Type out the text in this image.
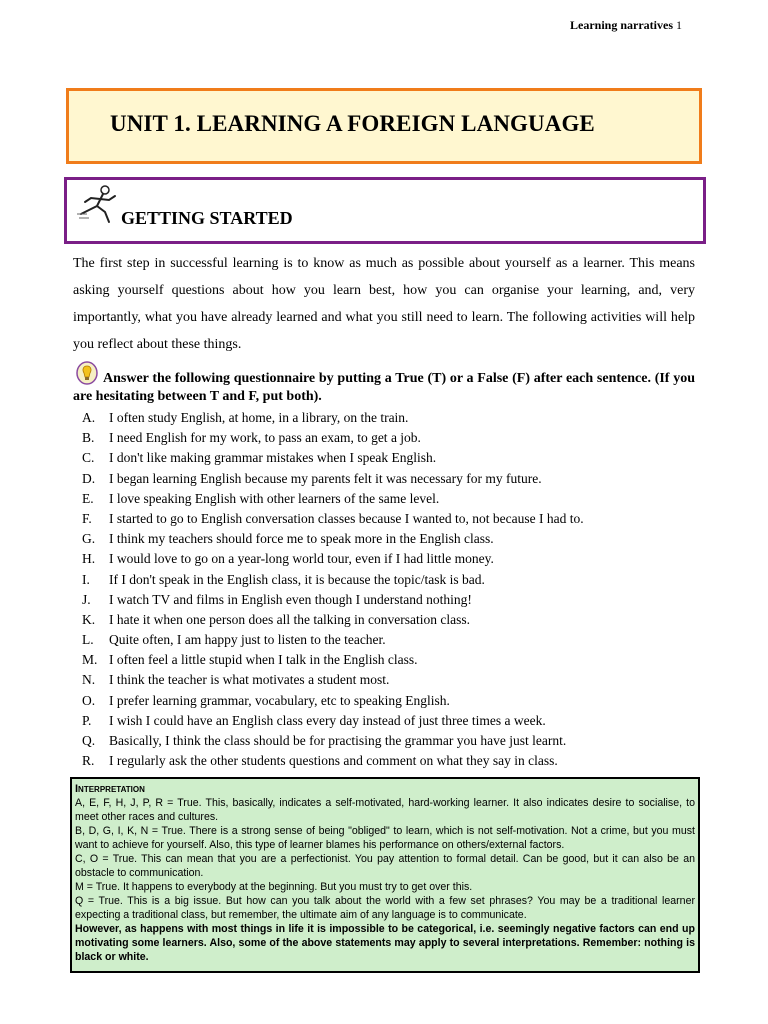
Learning narratives 1
UNIT 1. LEARNING A FOREIGN LANGUAGE
GETTING STARTED

The first step in successful learning is to know as much as possible about yourself as a learner. This means asking yourself questions about how you learn best, how you can organise your learning, and, very importantly, what you have already learned and what you still need to learn. The following activities will help you reflect about these things.

Answer the following questionnaire by putting a True (T) or a False (F) after each sentence. (If you are hesitating between T and F, put both).

A. I often study English, at home, in a library, on the train.
B. I need English for my work, to pass an exam, to get a job.
C. I don't like making grammar mistakes when I speak English.
D. I began learning English because my parents felt it was necessary for my future.
E. I love speaking English with other learners of the same level.
F. I started to go to English conversation classes because I wanted to, not because I had to.
G. I think my teachers should force me to speak more in the English class.
H. I would love to go on a year-long world tour, even if I had little money.
I. If I don't speak in the English class, it is because the topic/task is bad.
J. I watch TV and films in English even though I understand nothing!
K. I hate it when one person does all the talking in conversation class.
L. Quite often, I am happy just to listen to the teacher.
M. I often feel a little stupid when I talk in the English class.
N. I think the teacher is what motivates a student most.
O. I prefer learning grammar, vocabulary, etc to speaking English.
P. I wish I could have an English class every day instead of just three times a week.
Q. Basically, I think the class should be for practising the grammar you have just learnt.
R. I regularly ask the other students questions and comment on what they say in class.

Interpretation

A, E, F, H, J, P, R = True. This, basically, indicates a self-motivated, hard-working learner. It also indicates desire to socialise, to meet other races and cultures.

B, D, G, I, K, N = True. There is a strong sense of being "obliged" to learn, which is not self-motivation. Not a crime, but you must want to achieve for yourself. Also, this type of learner blames his performance on others/external factors.

C, O = True. This can mean that you are a perfectionist. You pay attention to formal detail. Can be good, but it can also be an obstacle to communication.

M = True. It happens to everybody at the beginning. But you must try to get over this.

Q = True. This is a big issue. But how can you talk about the world with a few set phrases? You may be a traditional learner expecting a traditional class, but remember, the ultimate aim of any language is to communicate.

However, as happens with most things in life it is impossible to be categorical, i.e. seemingly negative factors can end up motivating some learners. Also, some of the above statements may apply to several interpretations. Remember: nothing is black or white.
